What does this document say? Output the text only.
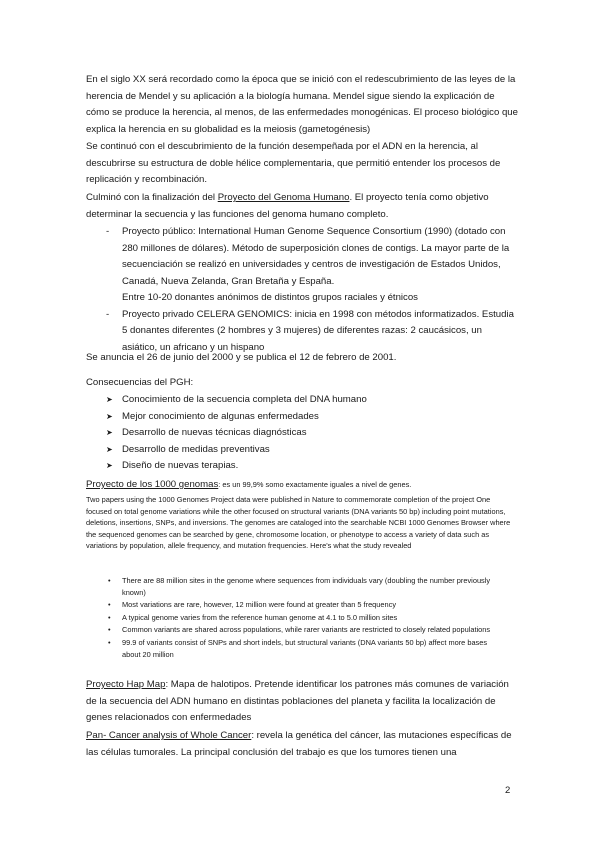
En el siglo XX será recordado como la época que se inició con el redescubrimiento de las leyes de la herencia de Mendel y su aplicación a la biología humana. Mendel sigue siendo la explicación de cómo se produce la herencia, al menos, de las enfermedades monogénicas. El proceso biológico que explica la herencia en su globalidad es la meiosis (gametogénesis)

Se continuó con el descubrimiento de la función desempeñada por el ADN en la herencia, al descubrirse su estructura de doble hélice complementaria, que permitió entender los procesos de replicación y recombinación.

Culminó con la finalización del Proyecto del Genoma Humano. El proyecto tenía como objetivo determinar la secuencia y las funciones del genoma humano completo.

- Proyecto público: International Human Genome Sequence Consortium (1990) (dotado con 280 millones de dólares). Método de superposición clones de contigs. La mayor parte de la secuenciación se realizó en universidades y centros de investigación de Estados Unidos, Canadá, Nueva Zelanda, Gran Bretaña y España.
Entre 10-20 donantes anónimos de distintos grupos raciales y étnicos
- Proyecto privado CELERA GENOMICS: inicia en 1998 con métodos informatizados. Estudia 5 donantes diferentes (2 hombres y 3 mujeres) de diferentes razas: 2 caucásicos, un asiático, un africano y un hispano

Se anuncia el 26 de junio del 2000 y se publica el 12 de febrero de 2001.

Consecuencias del PGH:

➤ Conocimiento de la secuencia completa del DNA humano
➤ Mejor conocimiento de algunas enfermedades
➤ Desarrollo de nuevas técnicas diagnósticas
➤ Desarrollo de medidas preventivas
➤ Diseño de nuevas terapias.

Proyecto de los 1000 genomas: es un 99,9% somo exactamente iguales a nivel de genes.

Two papers using the 1000 Genomes Project data were published in Nature to commemorate completion of the project One focused on total genome variations while the other focused on structural variants (DNA variants 50 bp) including point mutations, deletions, insertions, SNPs, and inversions. The genomes are cataloged into the searchable NCBI 1000 Genomes Browser where the sequenced genomes can be searched by gene, chromosome location, or phenotype to access a variety of data such as variations by population, allele frequency, and mutation frequencies. Here's what the study revealed

• There are 88 million sites in the genome where sequences from individuals vary (doubling the number previously known)
• Most variations are rare, however, 12 million were found at greater than 5 frequency
• A typical genome varies from the reference human genome at 4.1 to 5.0 million sites
• Common variants are shared across populations, while rarer variants are restricted to closely related populations
• 99.9 of variants consist of SNPs and short indels, but structural variants (DNA variants 50 bp) affect more bases about 20 million

Proyecto Hap Map: Mapa de halotipos. Pretende identificar los patrones más comunes de variación de la secuencia del ADN humano en distintas poblaciones del planeta y facilita la localización de genes relacionados con enfermedades

Pan- Cancer analysis of Whole Cancer: revela la genética del cáncer, las mutaciones específicas de las células tumorales. La principal conclusión del trabajo es que los tumores tienen una

2
